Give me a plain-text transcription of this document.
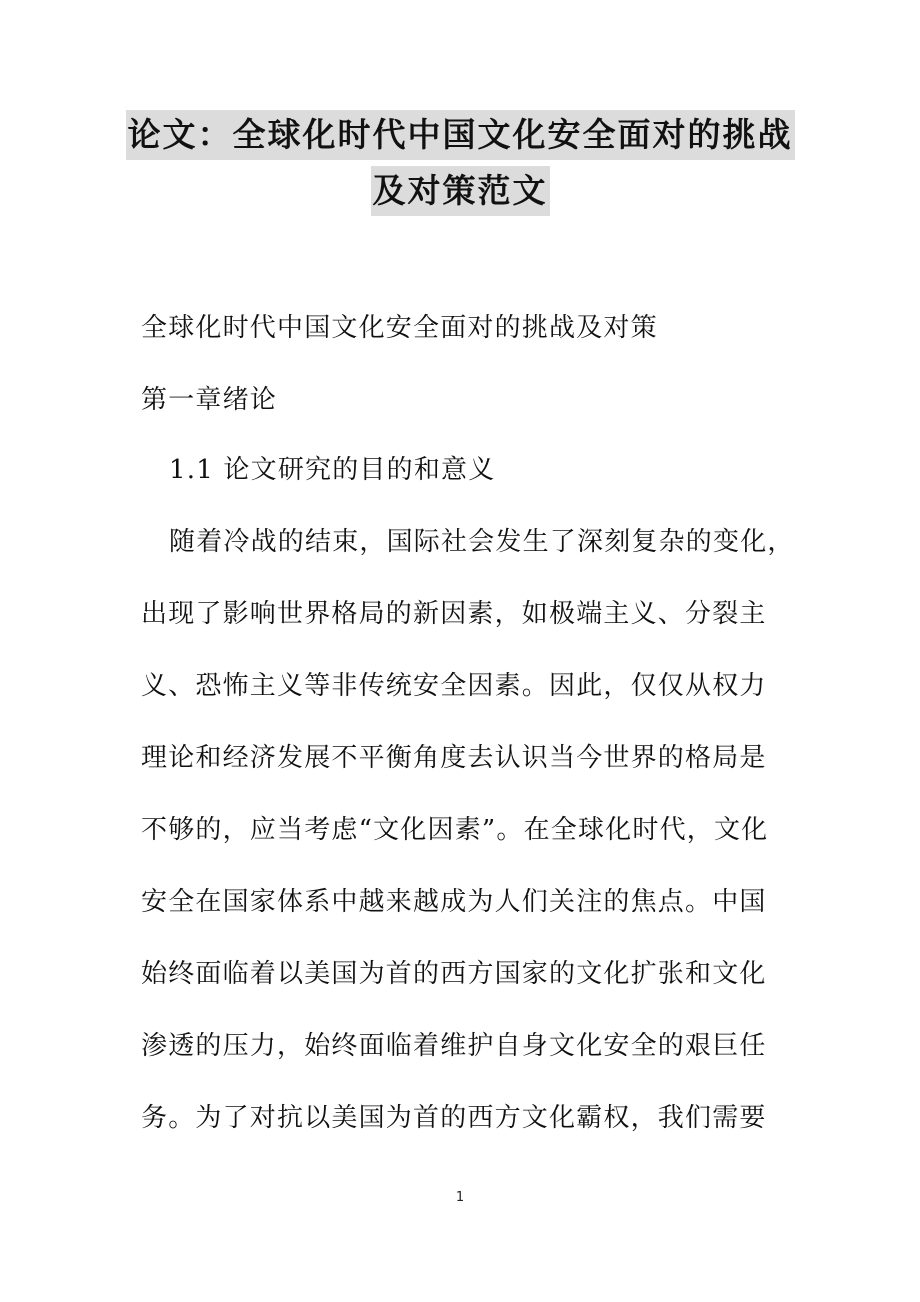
论文：全球化时代中国文化安全面对的挑战
及对策范文
全球化时代中国文化安全面对的挑战及对策
第一章绪论
1.1 论文研究的目的和意义
随着冷战的结束，国际社会发生了深刻复杂的变化，
出现了影响世界格局的新因素，如极端主义、分裂主
义、恐怖主义等非传统安全因素。因此，仅仅从权力
理论和经济发展不平衡角度去认识当今世界的格局是
不够的，应当考虑“文化因素”。在全球化时代，文化
安全在国家体系中越来越成为人们关注的焦点。中国
始终面临着以美国为首的西方国家的文化扩张和文化
渗透的压力，始终面临着维护自身文化安全的艰巨任
务。为了对抗以美国为首的西方文化霸权，我们需要
1
